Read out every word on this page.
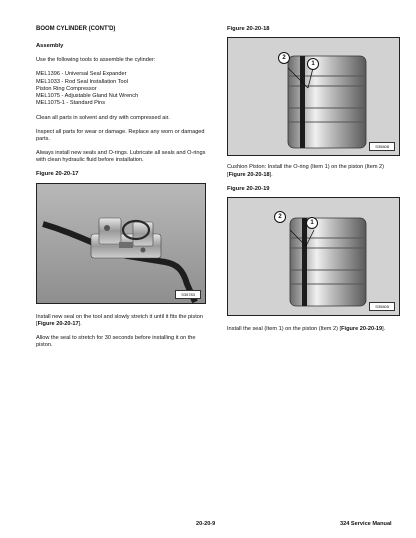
BOOM CYLINDER (CONT'D)
Assembly
Use the following tools to assemble the cylinder:
MEL1396 - Universal Seal Expander
MEL1033 - Rod Seal Installation Tool
Piston Ring Compressor
MEL1075 - Adjustable Gland Nut Wrench
MEL1075-1 - Standard Pins
Clean all parts in solvent and dry with compressed air.
Inspect all parts for wear or damage. Replace any worn or damaged parts.
Always install new seals and O-rings. Lubricate all seals and O-rings with clean hydraulic fluid before installation.
Figure 20-20-17
S35783
Install new seal on the tool and slowly stretch it until it fits the piston [Figure 20-20-17].
Allow the seal to stretch for 30 seconds before installing it on the piston.
Figure 20-20-18
2
1
S35808
Cushion Piston: Install the O-ring (Item 1) on the piston (Item 2) [Figure 20-20-18].
Figure 20-20-19
2
1
S35805
Install the seal (Item 1) on the piston (Item 2) [Figure 20-20-19].
20-20-9	324 Service Manual
